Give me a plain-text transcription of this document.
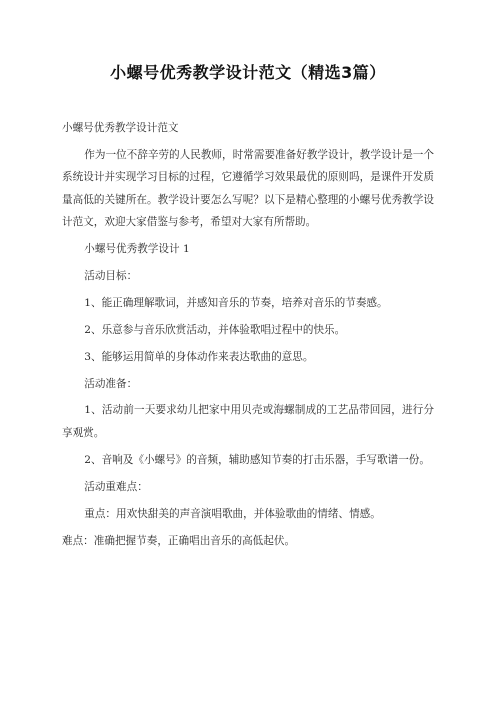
小螺号优秀教学设计范文（精选3篇）

小螺号优秀教学设计范文

作为一位不辞辛劳的人民教师，时常需要准备好教学设计，教学设计是一个系统设计并实现学习目标的过程，它遵循学习效果最优的原则吗，是课件开发质量高低的关键所在。教学设计要怎么写呢？以下是精心整理的小螺号优秀教学设计范文，欢迎大家借鉴与参考，希望对大家有所帮助。

小螺号优秀教学设计 1

活动目标：

1、能正确理解歌词，并感知音乐的节奏，培养对音乐的节奏感。

2、乐意参与音乐欣赏活动，并体验歌唱过程中的快乐。

3、能够运用简单的身体动作来表达歌曲的意思。

活动准备：

1、活动前一天要求幼儿把家中用贝壳或海螺制成的工艺品带回园，进行分享观赏。

2、音响及《小螺号》的音频，辅助感知节奏的打击乐器，手写歌谱一份。

活动重难点：

重点：用欢快甜美的声音演唱歌曲，并体验歌曲的情绪、情感。

难点：准确把握节奏，正确唱出音乐的高低起伏。
